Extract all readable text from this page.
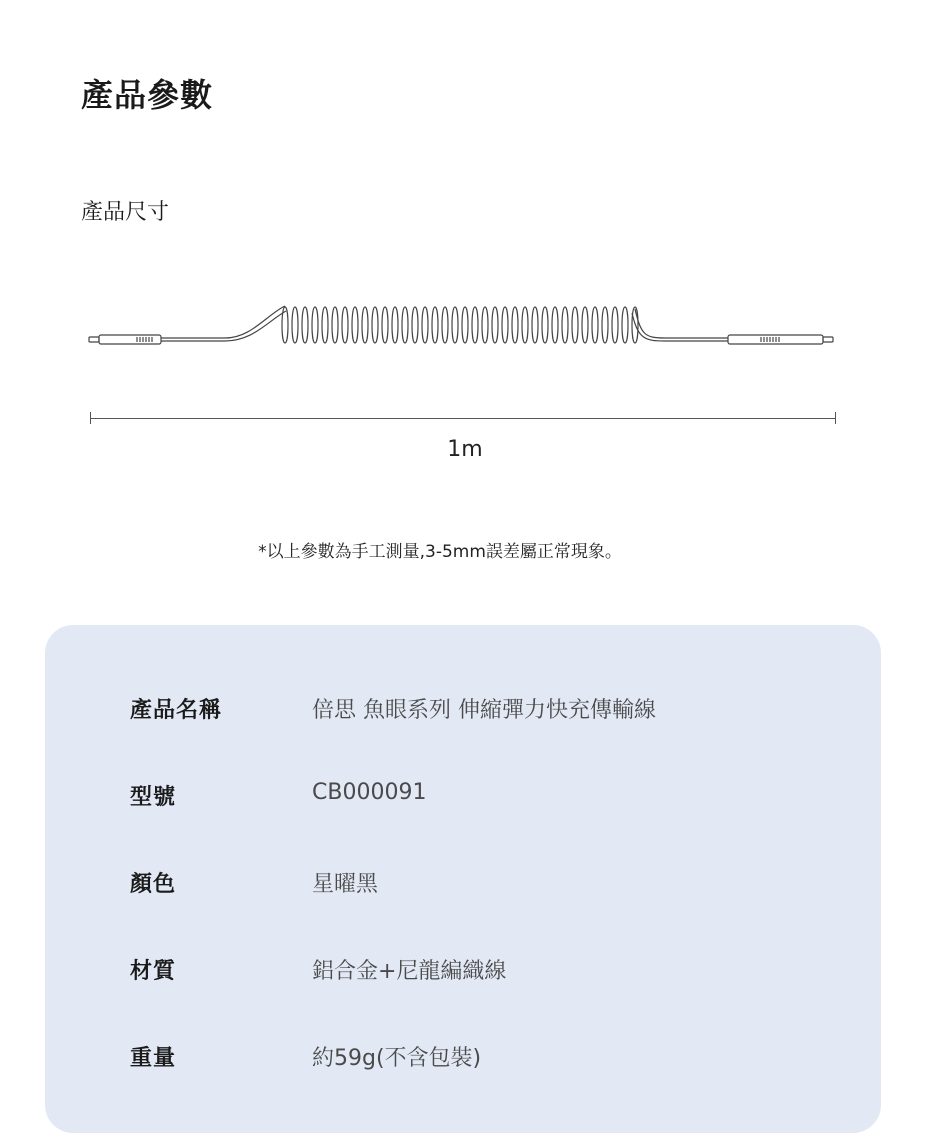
產品參數
產品尺寸
1m
*以上參數為手工測量,3-5mm誤差屬正常現象。
產品名稱	倍思 魚眼系列 伸縮彈力快充傳輸線
型號	CB000091
顏色	星曜黑
材質	鋁合金+尼龍編織線
重量	約59g(不含包裝)
